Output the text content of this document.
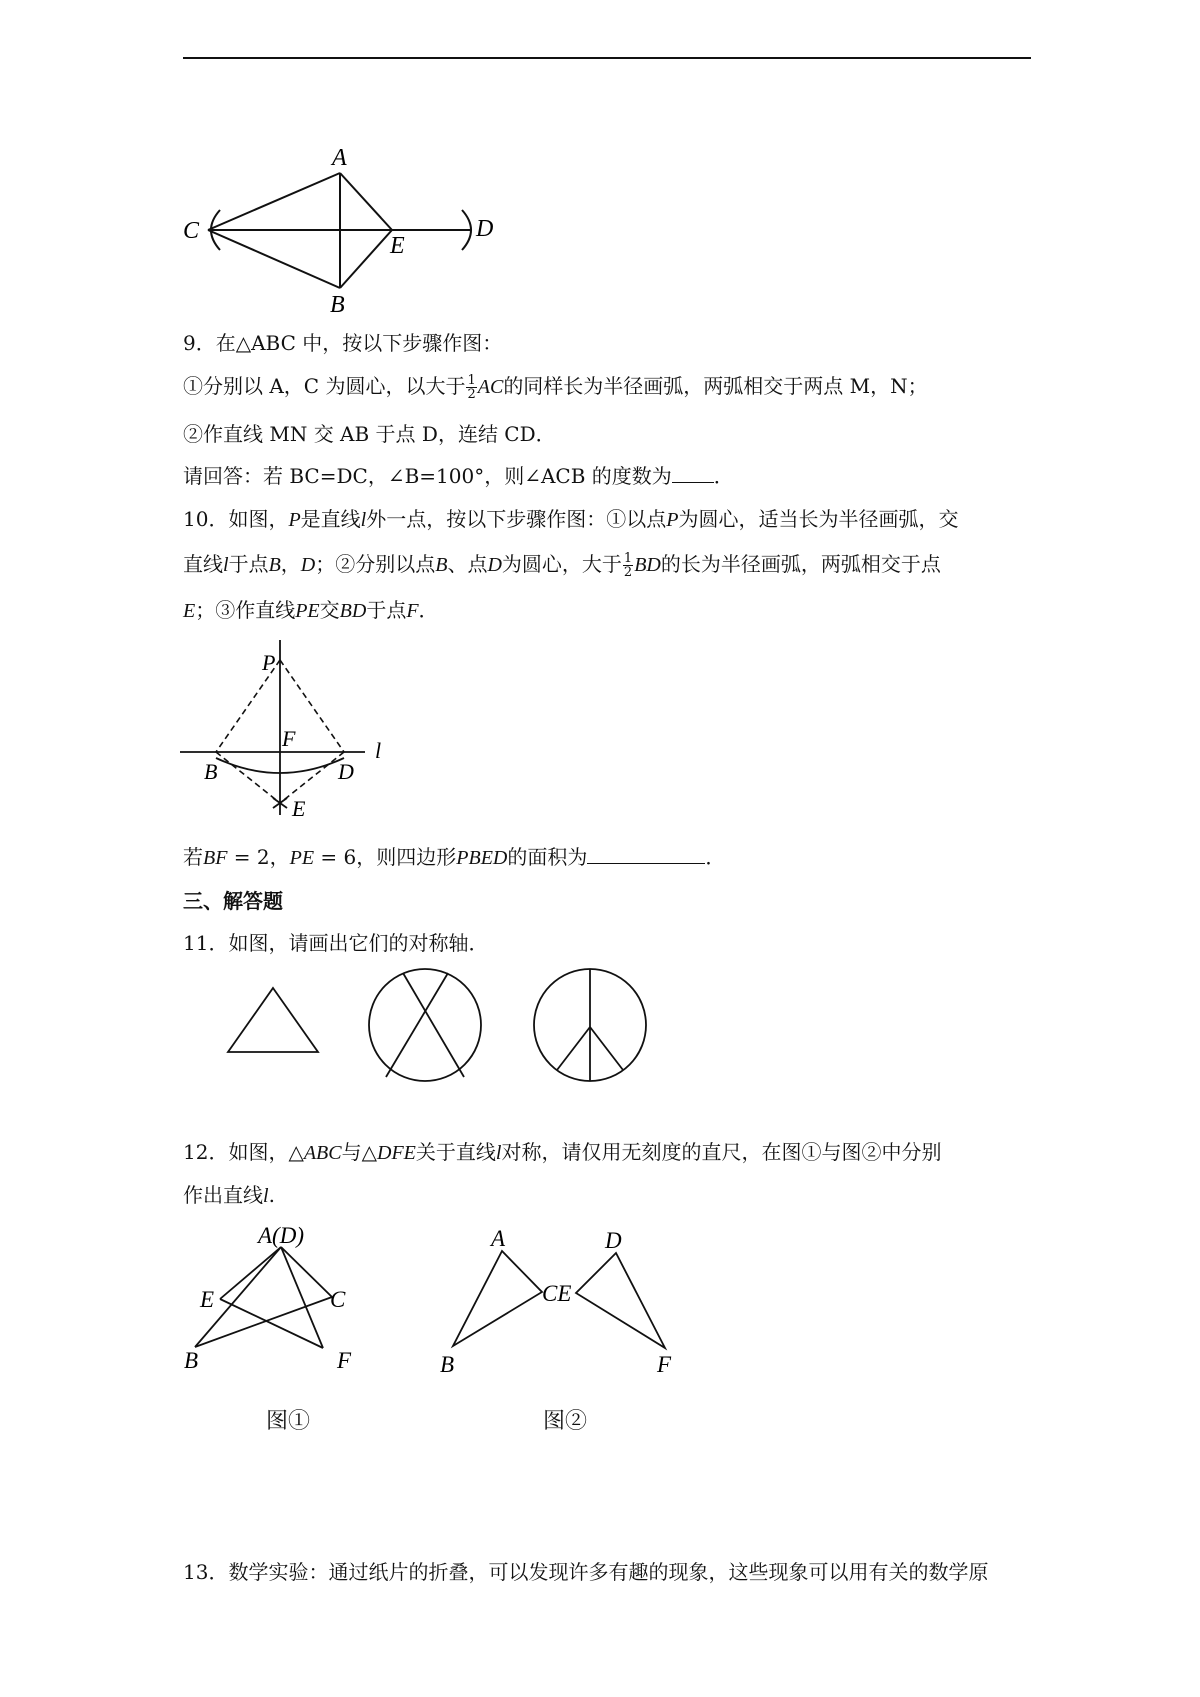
A
C
E
D
B
9．在△ABC 中，按以下步骤作图：
①分别以 A，C 为圆心，以大于 $\frac{1}{2}$ AC的同样长为半径画弧，两弧相交于两点 M，N；
②作直线 MN 交 AB 于点 D，连结 CD．
请回答：若 BC=DC，∠B=100°，则∠ACB 的度数为 ．
10．如图，P是直线l外一点，按以下步骤作图：①以点P为圆心，适当长为半径画弧，交
直线l于点B，D；②分别以点B、点D为圆心，大于 $\frac{1}{2}$ BD的长为半径画弧，两弧相交于点
E；③作直线PE交BD于点F．
P
F
B	D
E
l
若BF = 2，PE = 6，则四边形PBED的面积为	．
三、解答题
11．如图，请画出它们的对称轴．
12．如图，△ABC与△DFE关于直线l对称，请仅用无刻度的直尺，在图①与图②中分别
作出直线l.
A(D)
E	C
B	F
A
CE
D
B	F
图①	图②
13．数学实验：通过纸片的折叠，可以发现许多有趣的现象，这些现象可以用有关的数学原
